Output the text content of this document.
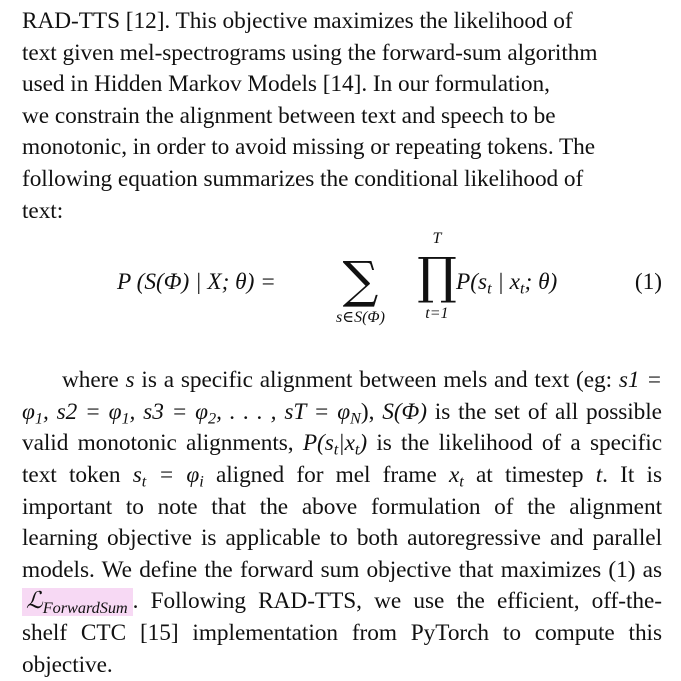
RAD-TTS [12]. This objective maximizes the likelihood of
text given mel-spectrograms using the forward-sum algorithm
used in Hidden Markov Models [14]. In our formulation,
we constrain the alignment between text and speech to be
monotonic, in order to avoid missing or repeating tokens. The
following equation summarizes the conditional likelihood of
text:

P (S(Φ) | X; θ) = ∑
s∈S(Φ)
T
∏
t=1
$P(s_t$ | $x_t$; θ)	(1)

where s is a specific alignment between mels and text (eg: $s1 = \varphi_1$, $s2 = \varphi_1$, $s3 = \varphi_2$, . . . , sT = $\varphi_N$), S(Φ) is the set of all possible valid monotonic alignments, $P(s_t|x_t)$ is the likelihood of a specific text token $s_t = \varphi_i$ aligned for mel frame $x_t$ at timestep t. It is important to note that the above formulation of the alignment learning objective is applicable to both autoregressive and parallel models. We define the forward sum objective that maximizes (1) as ℒ$_{ForwardSum}$ . Following RAD-TTS, we use the efficient, off-the-shelf CTC [15] implementation from PyTorch to compute this objective.
